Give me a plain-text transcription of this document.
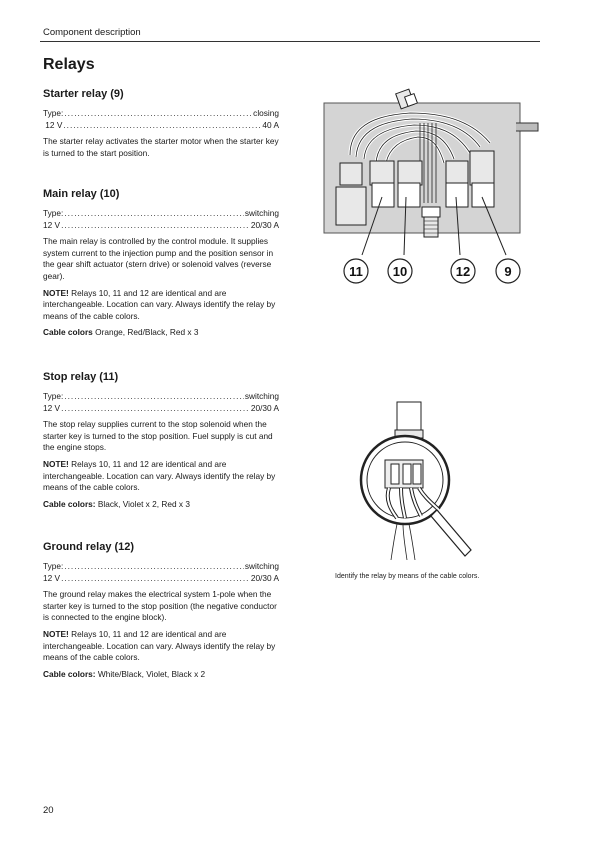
Component description
Relays
Starter relay (9)
Type: .....	closing
12 V .....	40 A

The starter relay activates the starter motor when the starter key is turned to the start position.

Main relay (10)
Type: .....	switching
12 V .....	20/30 A

The main relay is controlled by the control module. It supplies system current to the injection pump and the position sensor in the gear shift actuator (stern drive) or solenoid valves (reverse gear).

NOTE! Relays 10, 11 and 12 are identical and are interchangeable. Location can vary. Always identify the relay by means of the cable colors.

Cable colors Orange, Red/Black, Red x 3

Stop relay (11)
Type: .....	switching
12 V .....	20/30 A

The stop relay supplies current to the stop solenoid when the starter key is turned to the stop position. Fuel supply is cut and the engine stops.

NOTE! Relays 10, 11 and 12 are identical and are interchangeable. Location can vary. Always identify the relay by means of the cable colors.

Cable colors: Black, Violet x 2, Red x 3

Ground relay (12)
Type: .....	switching
12 V .....	20/30 A

The ground relay makes the electrical system 1-pole when the starter key is turned to the stop position (the negative conductor is connected to the engine block).

NOTE! Relays 10, 11 and 12 are identical and are interchangeable. Location can vary. Always identify the relay by means of the cable colors.

Cable colors: White/Black, Violet, Black x 2

11 10	12	9
Identify the relay by means of the cable colors.
20
